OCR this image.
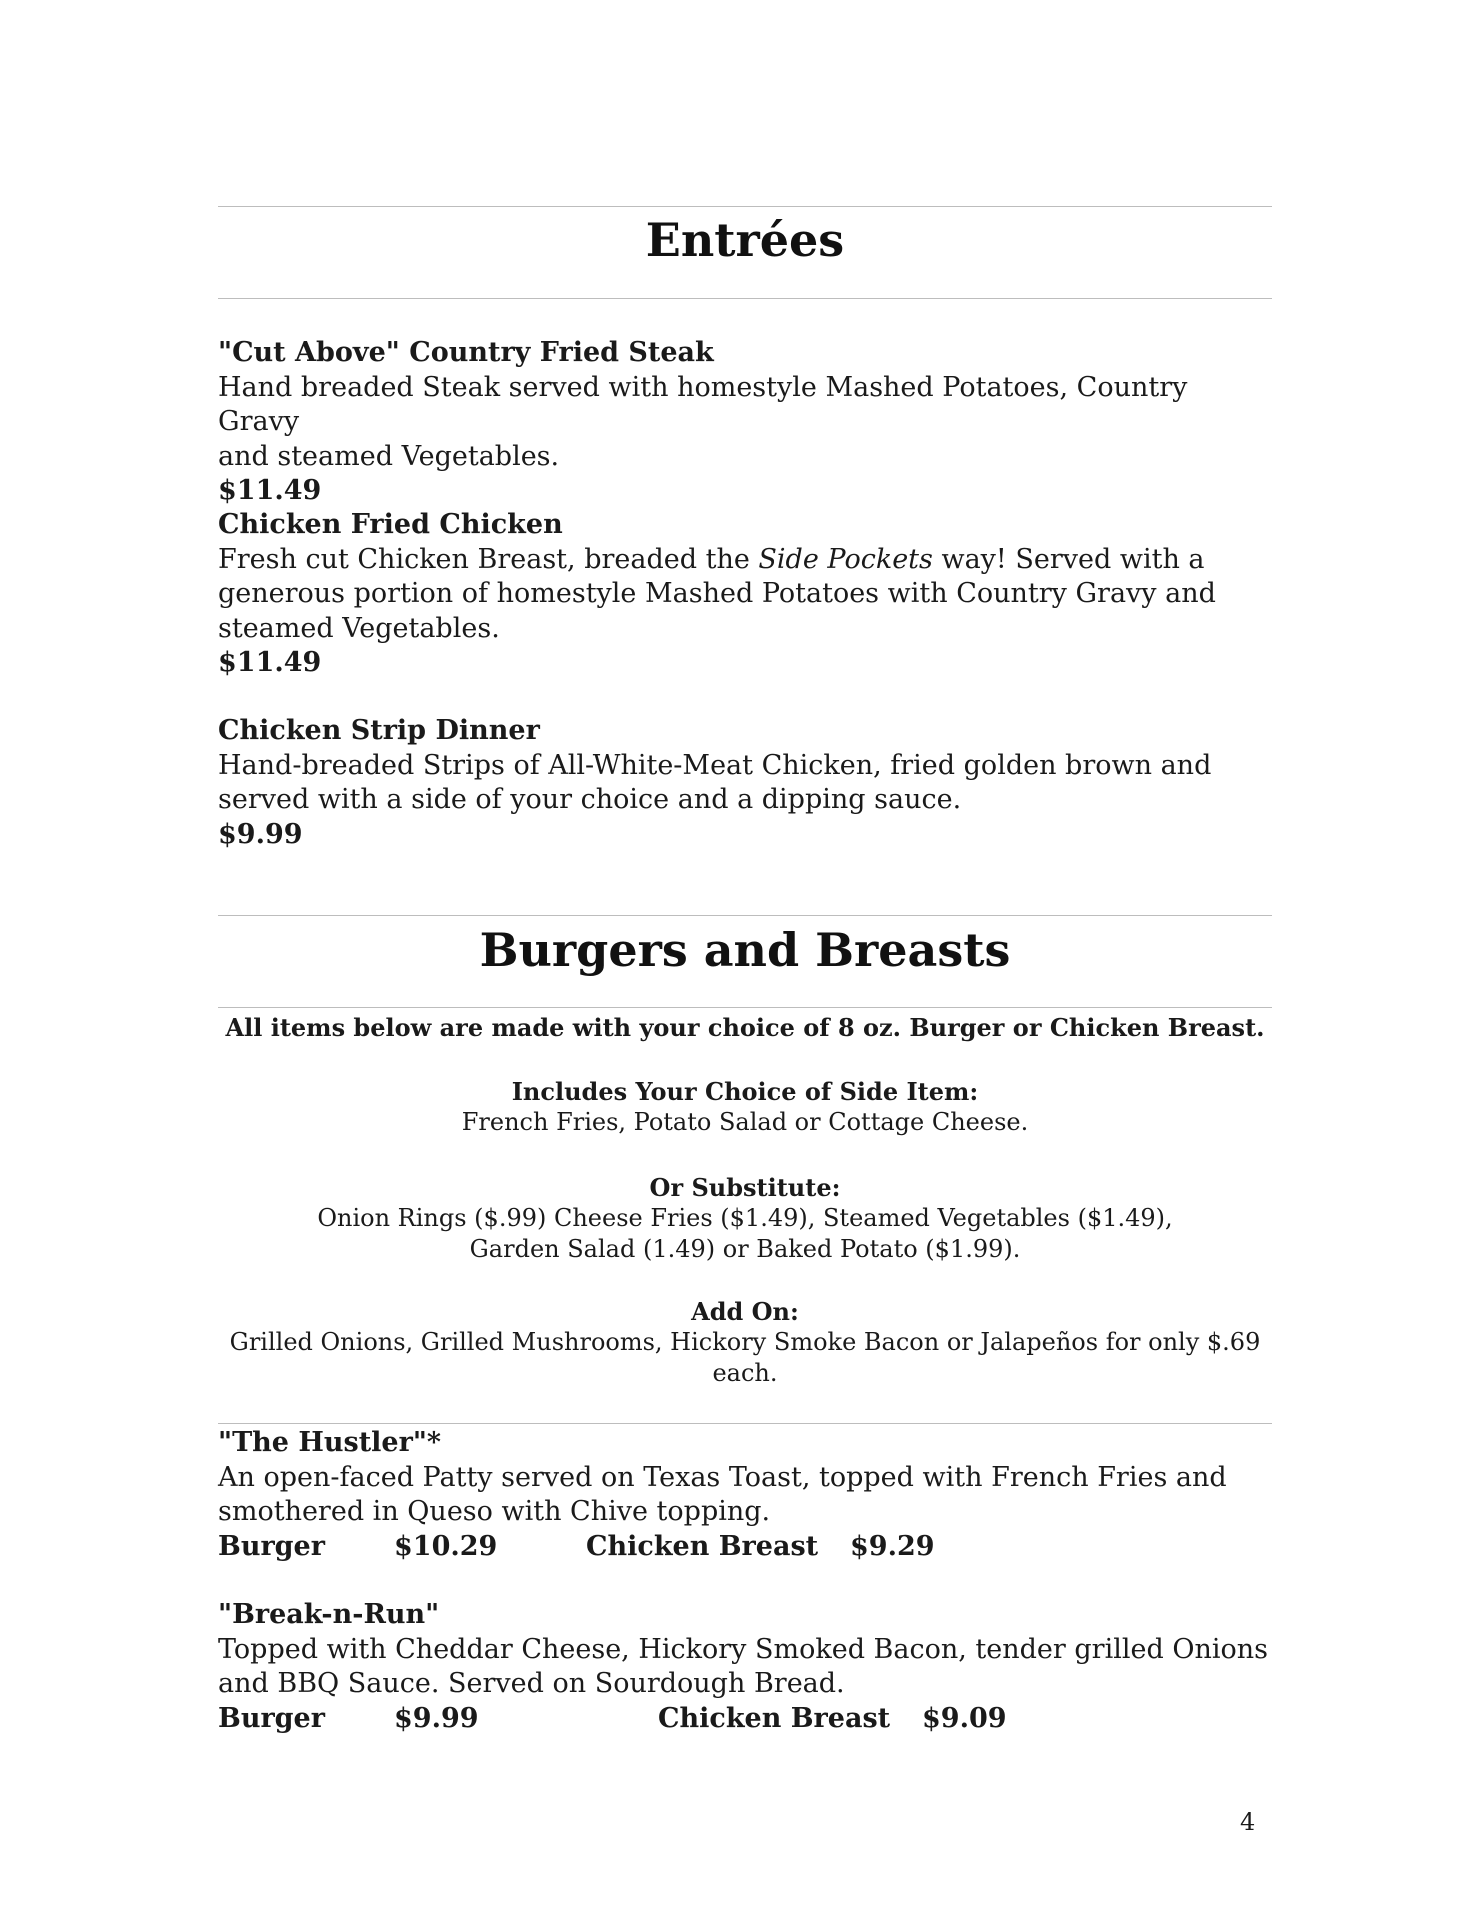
Entrées
"Cut Above" Country Fried Steak
Hand breaded Steak served with homestyle Mashed Potatoes, Country Gravy
and steamed Vegetables.
$11.49
Chicken Fried Chicken
Fresh cut Chicken Breast, breaded the Side Pockets way! Served with a
generous portion of homestyle Mashed Potatoes with Country Gravy and
steamed Vegetables.
$11.49
Chicken Strip Dinner
Hand-breaded Strips of All-White-Meat Chicken, fried golden brown and
served with a side of your choice and a dipping sauce.
$9.99
Burgers and Breasts
All items below are made with your choice of 8 oz. Burger or Chicken Breast.
Includes Your Choice of Side Item:
French Fries, Potato Salad or Cottage Cheese.
Or Substitute:
Onion Rings ($.99) Cheese Fries ($1.49), Steamed Vegetables ($1.49),
Garden Salad (1.49) or Baked Potato ($1.99).
Add On:
Grilled Onions, Grilled Mushrooms, Hickory Smoke Bacon or Jalapeños for only $.69
each.
"The Hustler"*
An open-faced Patty served on Texas Toast, topped with French Fries and
smothered in Queso with Chive topping.
Burger	$10.29	Chicken Breast $9.29
"Break-n-Run"
Topped with Cheddar Cheese, Hickory Smoked Bacon, tender grilled Onions
and BBQ Sauce. Served on Sourdough Bread.
Burger	$9.99	Chicken Breast $9.09
4
